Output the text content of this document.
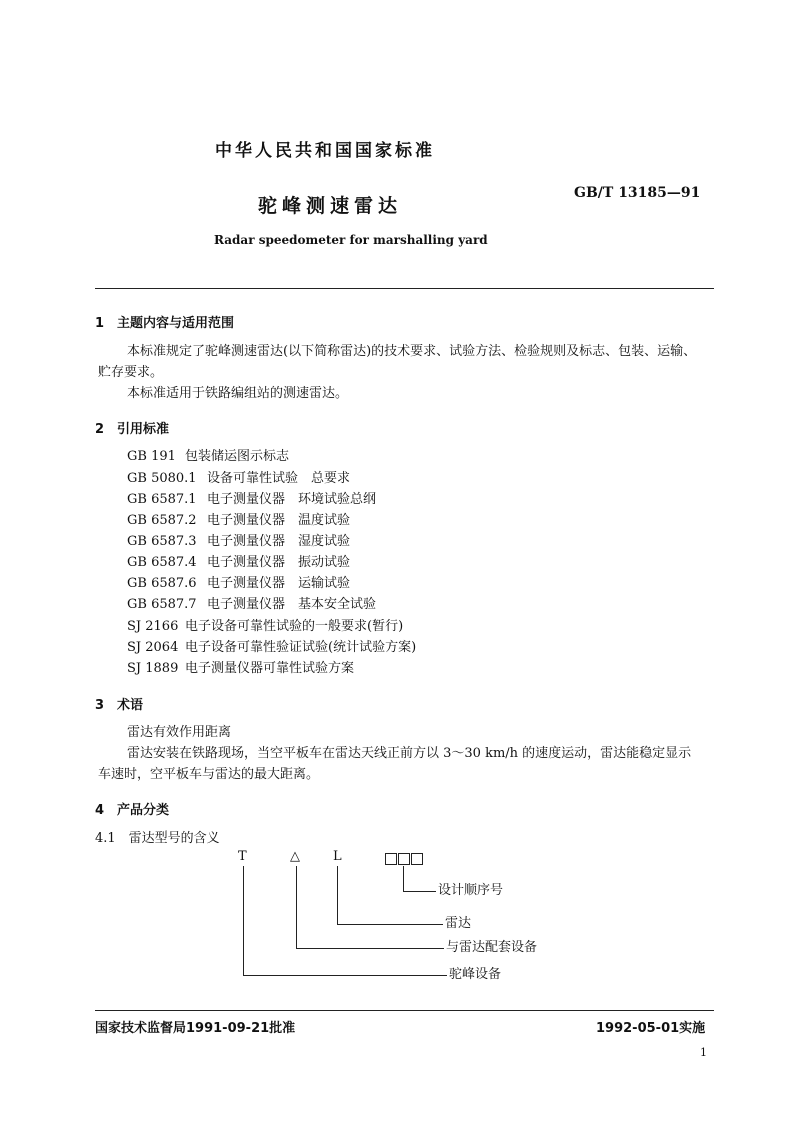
中华人民共和国国家标准
驼峰测速雷达
GB/T 13185—91
Radar speedometer for marshalling yard
1　主题内容与适用范围
本标准规定了驼峰测速雷达(以下简称雷达)的技术要求、试验方法、检验规则及标志、包装、运输、
贮存要求。
本标准适用于铁路编组站的测速雷达。
2　引用标准
GB 191 包装储运图示标志
GB 5080.1 设备可靠性试验　总要求
GB 6587.1 电子测量仪器　环境试验总纲
GB 6587.2 电子测量仪器　温度试验
GB 6587.3 电子测量仪器　湿度试验
GB 6587.4 电子测量仪器　振动试验
GB 6587.6 电子测量仪器　运输试验
GB 6587.7 电子测量仪器　基本安全试验
SJ 2166 电子设备可靠性试验的一般要求(暂行)
SJ 2064 电子设备可靠性验证试验(统计试验方案)
SJ 1889 电子测量仪器可靠性试验方案
3　术语
雷达有效作用距离
雷达安装在铁路现场，当空平板车在雷达天线正前方以 3～30 km/h 的速度运动，雷达能稳定显示
车速时，空平板车与雷达的最大距离。
4　产品分类
4.1　雷达型号的含义
T	△	L
设计顺序号
雷达
与雷达配套设备
驼峰设备
国家技术监督局1991-09-21批准	1992-05-01实施
1
